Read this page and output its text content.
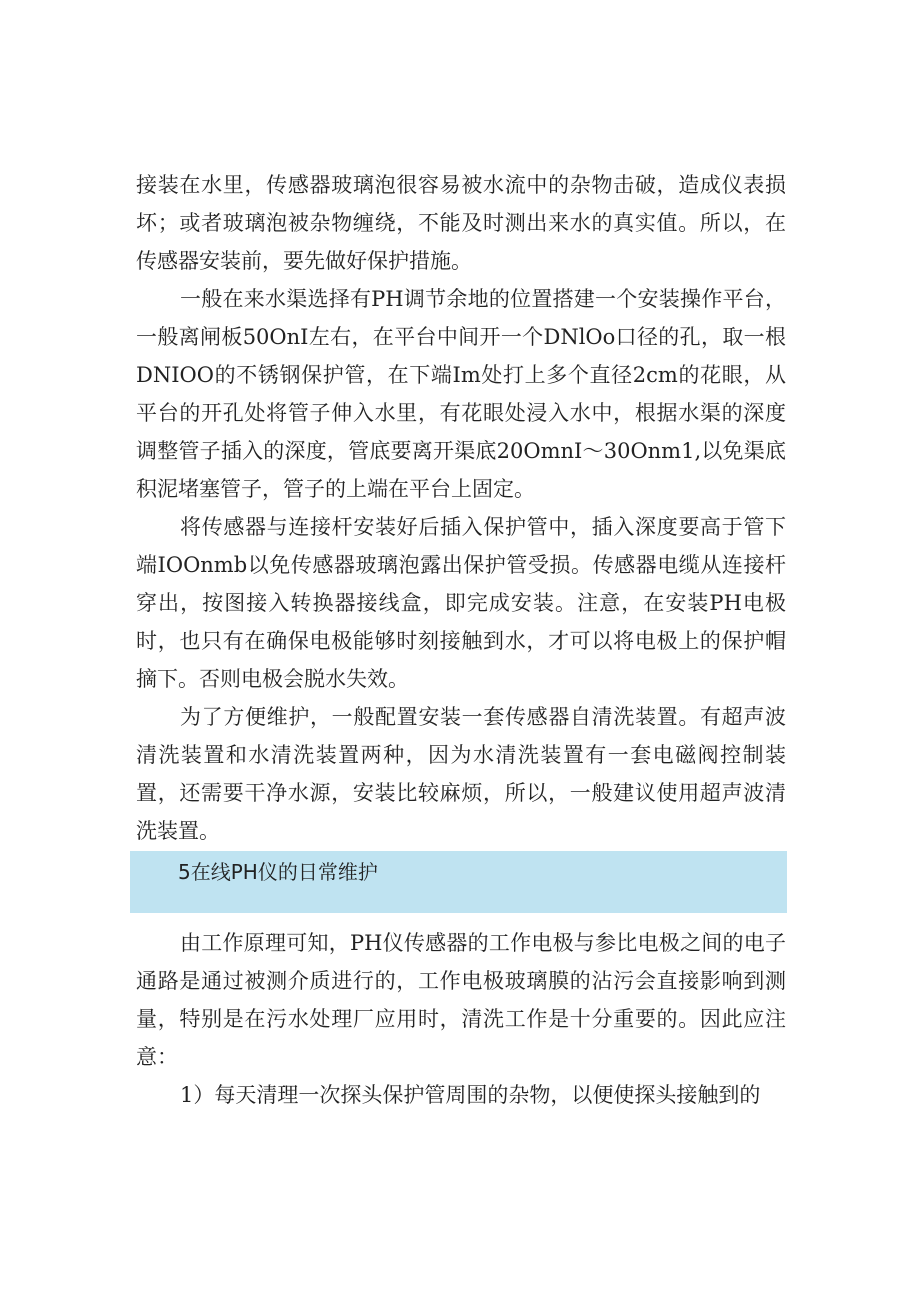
接装在水里，传感器玻璃泡很容易被水流中的杂物击破，造成仪表损坏；或者玻璃泡被杂物缠绕，不能及时测出来水的真实值。所以，在传感器安装前，要先做好保护措施。

一般在来水渠选择有PH调节余地的位置搭建一个安装操作平台，一般离闸板50OnI左右，在平台中间开一个DNlOo口径的孔，取一根DNIOO的不锈钢保护管，在下端Im处打上多个直径2cm的花眼，从平台的开孔处将管子伸入水里，有花眼处浸入水中，根据水渠的深度调整管子插入的深度，管底要离开渠底20OmnI～30Onm1,以免渠底积泥堵塞管子，管子的上端在平台上固定。

将传感器与连接杆安装好后插入保护管中，插入深度要高于管下端IOOnmb以免传感器玻璃泡露出保护管受损。传感器电缆从连接杆穿出，按图接入转换器接线盒，即完成安装。注意，在安装PH电极时，也只有在确保电极能够时刻接触到水，才可以将电极上的保护帽摘下。否则电极会脱水失效。

为了方便维护，一般配置安装一套传感器自清洗装置。有超声波清洗装置和水清洗装置两种，因为水清洗装置有一套电磁阀控制装置，还需要干净水源，安装比较麻烦，所以，一般建议使用超声波清洗装置。

5在线PH仪的日常维护

由工作原理可知，PH仪传感器的工作电极与参比电极之间的电子通路是通过被测介质进行的，工作电极玻璃膜的沾污会直接影响到测量，特别是在污水处理厂应用时，清洗工作是十分重要的。因此应注意：

1）每天清理一次探头保护管周围的杂物，以便使探头接触到的
